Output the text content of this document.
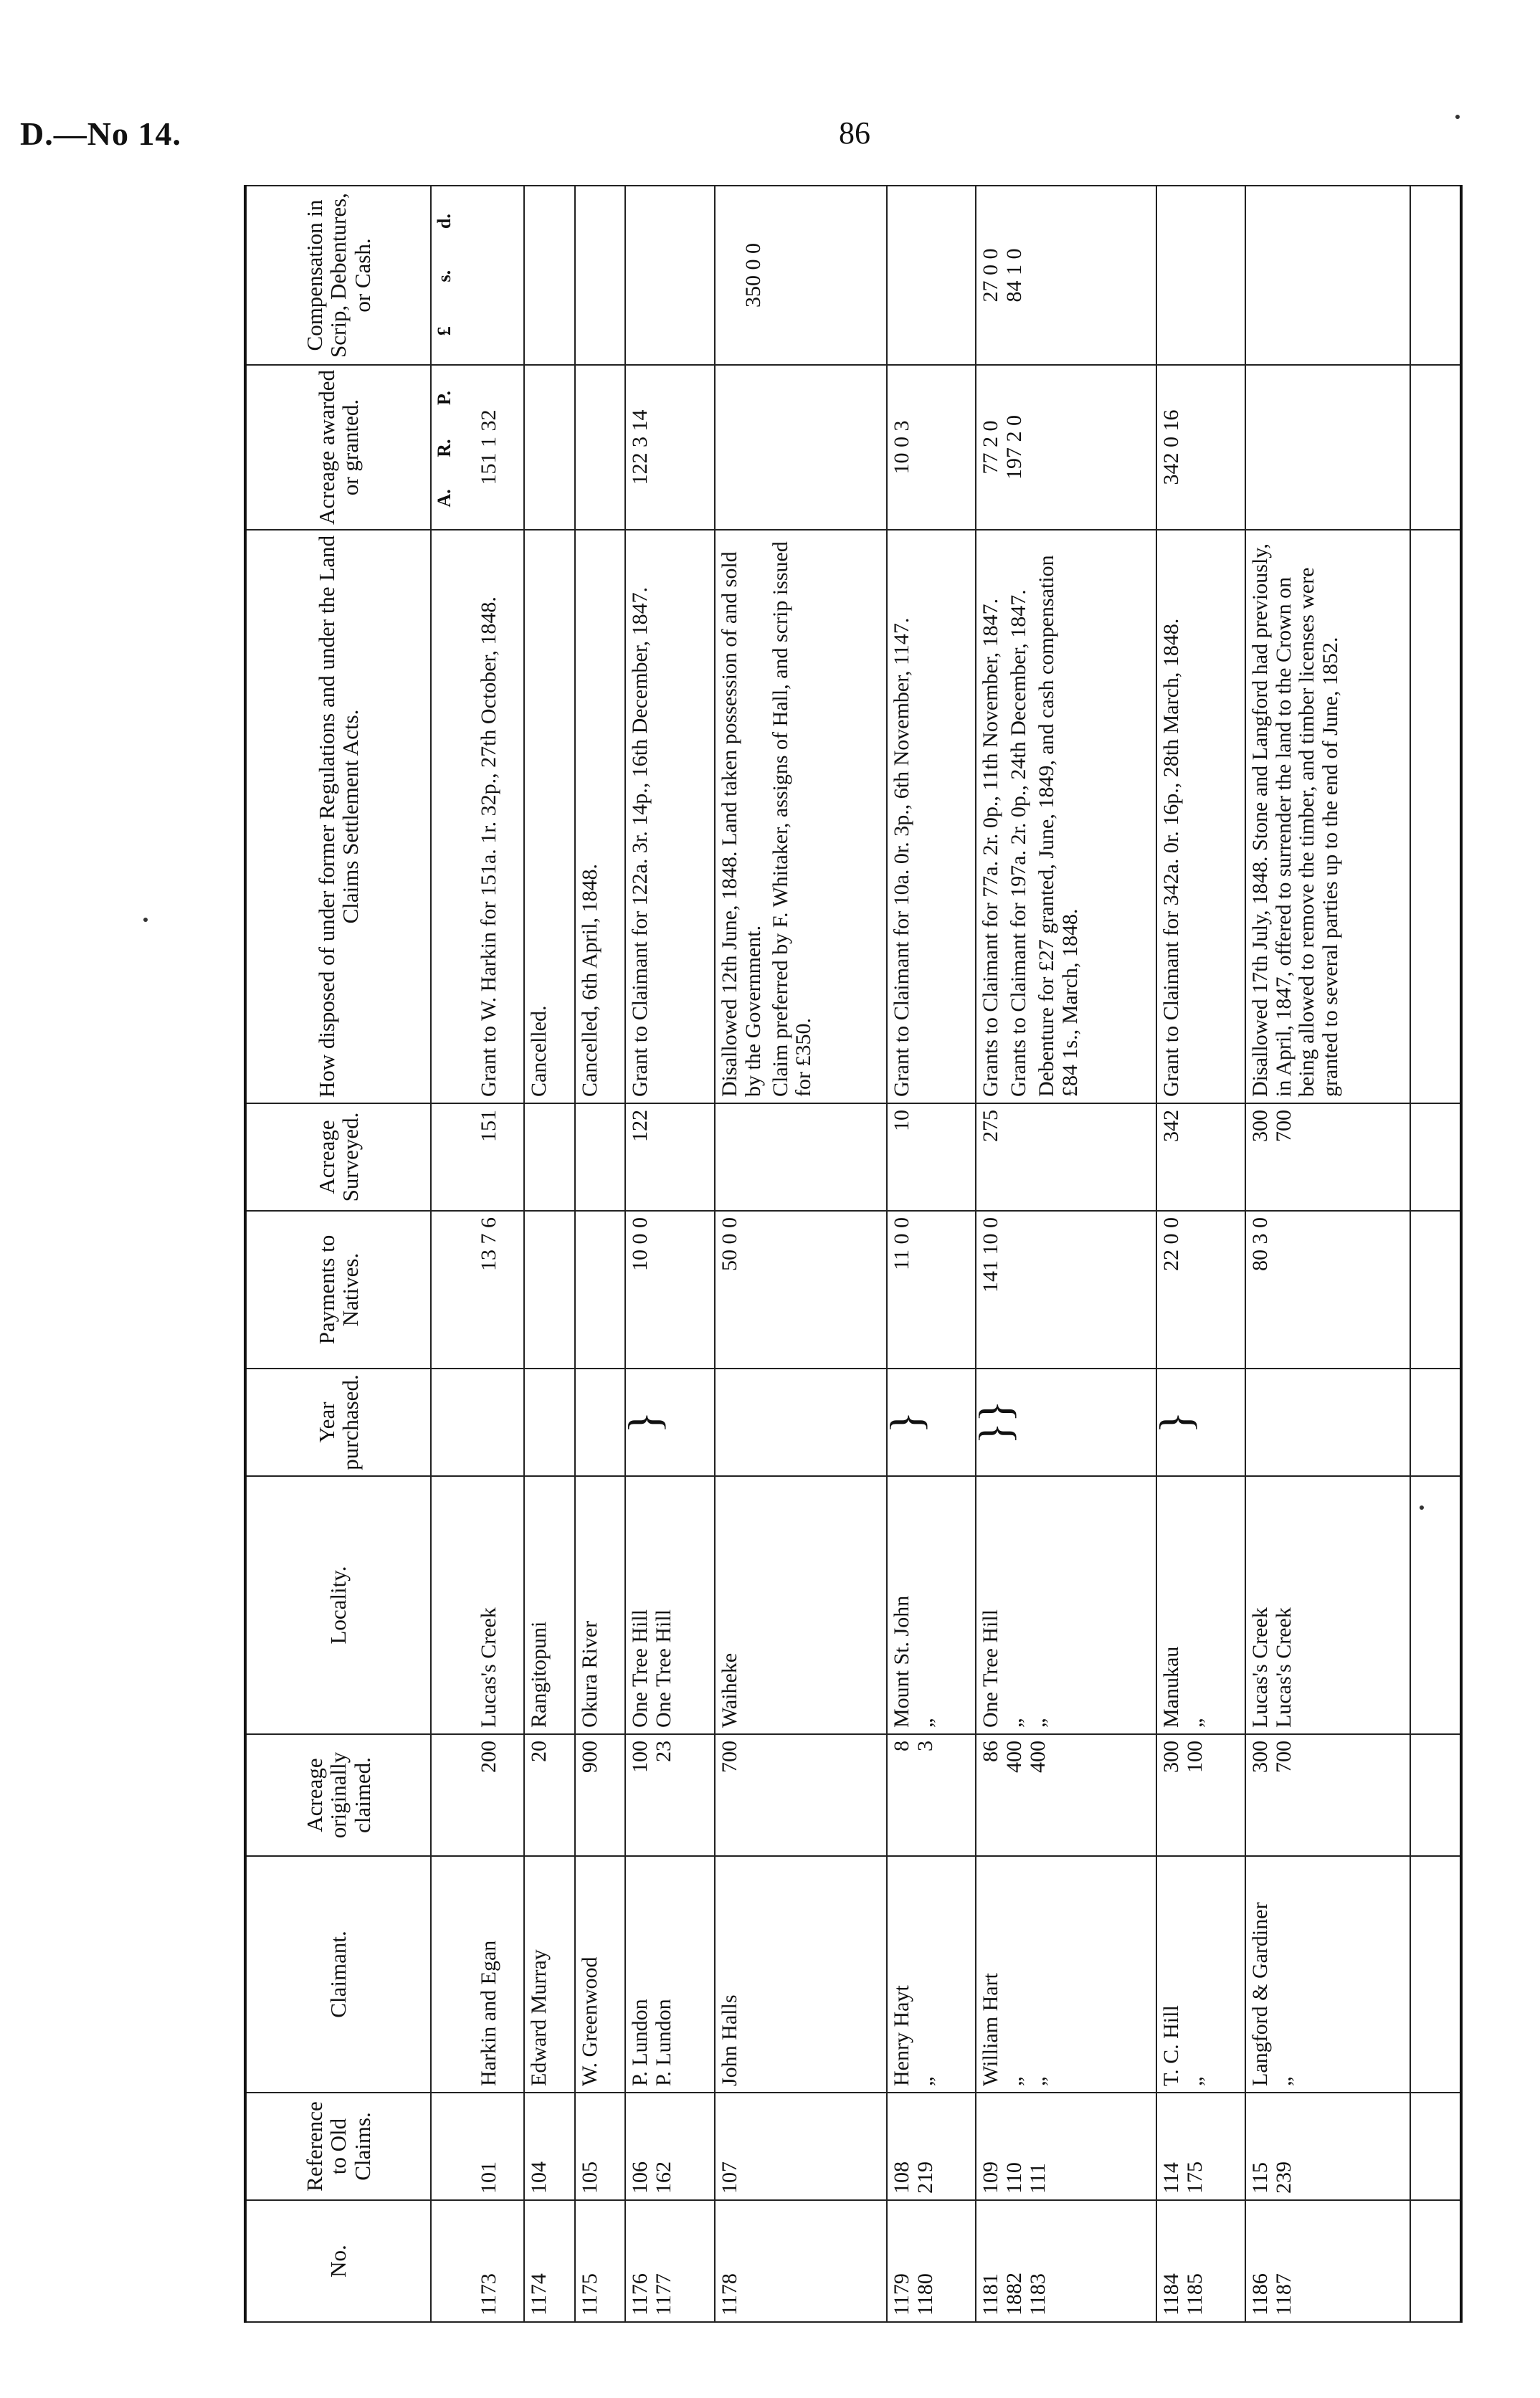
D.—No 14.	86
No.	Reference to Old Claims.	Claimant.	Acreage originally claimed.	Locality.	Year purchased.	Payments to Natives.	Acreage Surveyed.	How disposed of under former Regulations and under the Land Claims Settlement Acts.	Acreage awarded or granted.	Compensation in Scrip, Debentures, or Cash.
									A.R.P.	£s.d.

1173	101	Harkin and Egan	200	Lucas's Creek		13 7 6	151	Grant to W. Harkin for 151a. 1r. 32p., 27th October, 1848.	151 1 32	

1174	104	Edward Murray	20	Rangitopuni				Cancelled.		

1175	105	W. Greenwood	900	Okura River				Cancelled, 6th April, 1848.		

1176 1177	106 162	P. Lundon P. Lundon	100 23	One Tree Hill One Tree Hill	}	10 0 0	122	Grant to Claimant for 122a. 3r. 14p., 16th December, 1847.	122 3 14	

1178	107	John Halls	700	Waiheke		50 0 0		Disallowed 12th June, 1848. Land taken possession of and sold by the Government. Claim preferred by F. Whitaker, assigns of Hall, and scrip issued for £350.		350 0 0

1179 1180	108 219	Henry Hayt „	8 3	Mount St. John „	}	11 0 0	10	Grant to Claimant for 10a. 0r. 3p., 6th November, 1147.	10 0 3	

1181 1882 1183	109 110 111	William Hart „ „	86 400 400	One Tree Hill „ „	}}	141 10 0	275	Grants to Claimant for 77a. 2r. 0p., 11th November, 1847. Grants to Claimant for 197a. 2r. 0p., 24th December, 1847. Debenture for £27 granted, June, 1849, and cash compensation £84 1s., March, 1848.	77 2 0 197 2 0	27 0 0 84 1 0

1184 1185	114 175	T. C. Hill „	300 100	Manukau „	}	22 0 0	342	Grant to Claimant for 342a. 0r. 16p., 28th March, 1848.	342 0 16	

1186 1187	115 239	Langford & Gardiner „	300 700	Lucas's Creek Lucas's Creek		80 3 0	300 700	Disallowed 17th July, 1848. Stone and Langford had previously, in April, 1847, offered to surrender the land to the Crown on being allowed to remove the timber, and timber licenses were granted to several parties up to the end of June, 1852.		
